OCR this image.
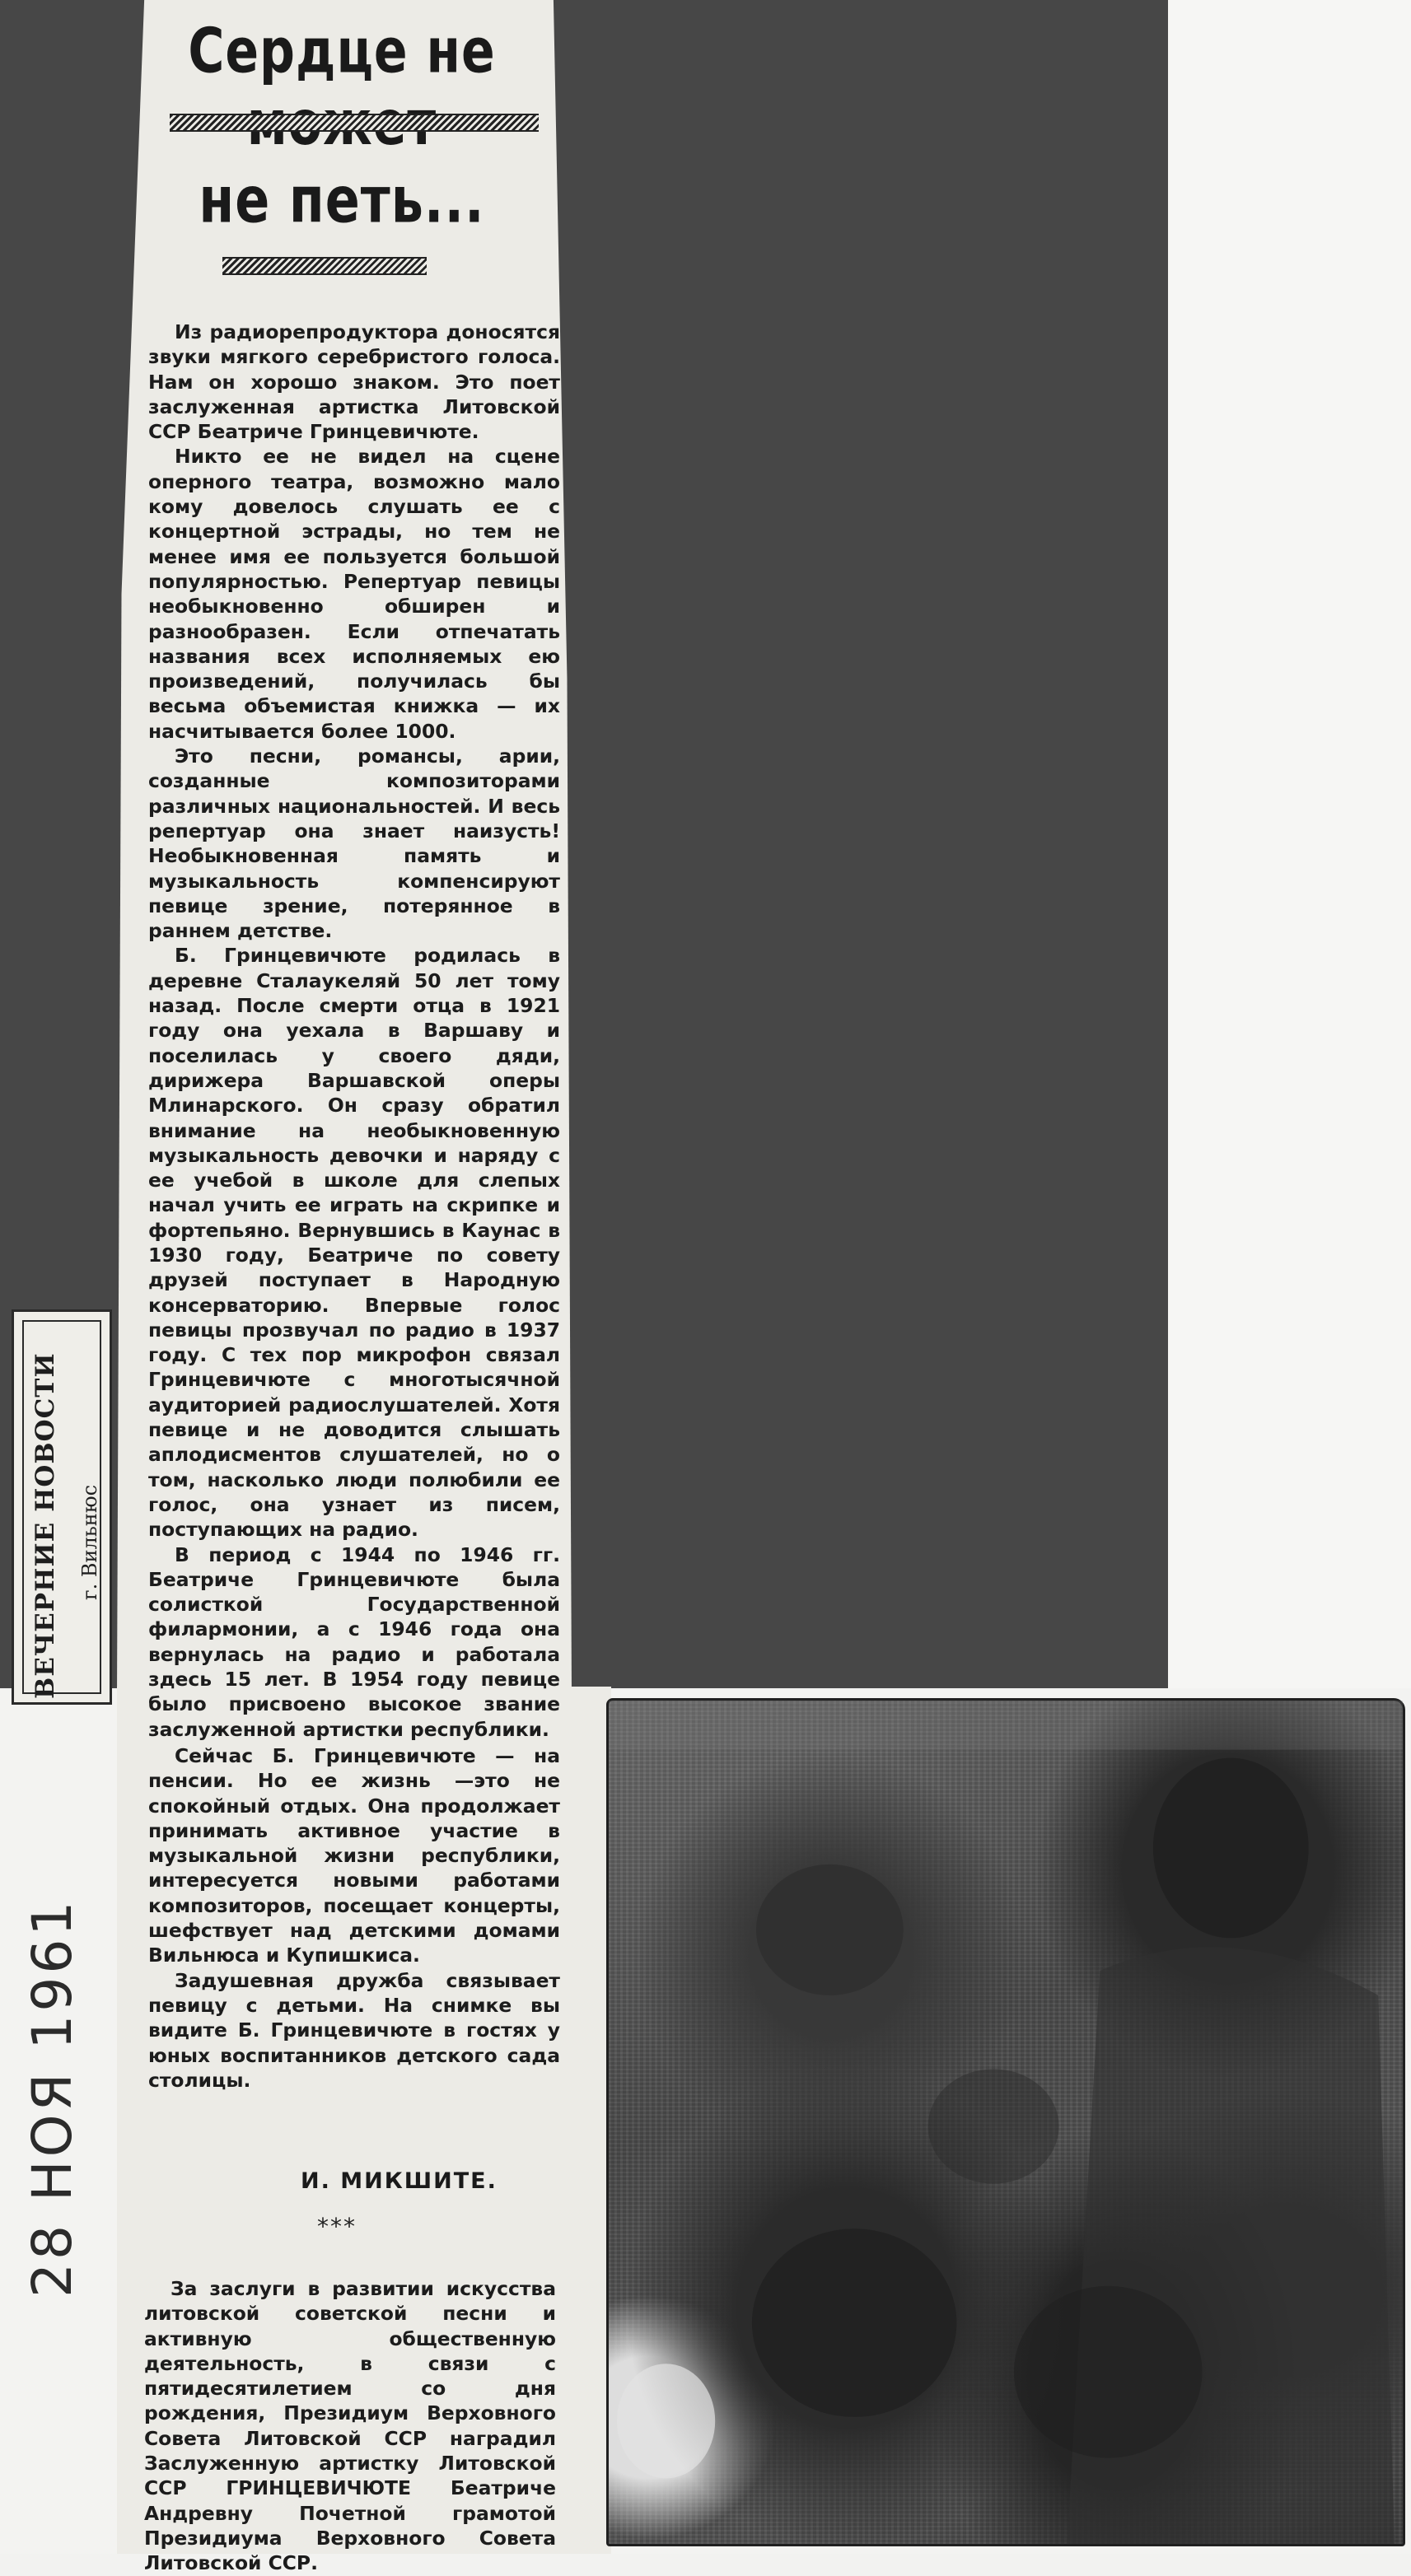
Сердце не
не петь...

Из радиорепродуктора доносятся звуки мягкого серебристого голоса. Нам он хорошо знаком. Это поет заслуженная артистка Литовской ССР Беатриче Гринцевичюте.

Никто ее не видел на сцене оперного театра, возможно мало кому довелось слушать ее с концертной эстрады, но тем не менее имя ее пользуется большой популярностью. Репертуар певицы необыкновенно обширен и разнообразен. Если отпечатать названия всех исполняемых ею произведений, получилась бы весьма объемистая книжка — их насчитывается более 1000.

Это песни, романсы, арии, созданные композиторами различных национальностей. И весь репертуар она знает наизусть! Необыкновенная память и музыкальность компенсируют певице зрение, потерянное в раннем детстве.

Б. Гринцевичюте родилась в деревне Сталаукеляй 50 лет тому назад. После смерти отца в 1921 году она уехала в Варшаву и поселилась у своего дяди, дирижера Варшавской оперы Млинарского. Он сразу обратил внимание на необыкновенную музыкальность девочки и наряду с ее учебой в школе для слепых начал учить ее играть на скрипке и фортепьяно. Вернувшись в Каунас в 1930 году, Беатриче по совету друзей поступает в Народную консерваторию. Впервые голос певицы прозвучал по радио в 1937 году. С тех пор микрофон связал Гринцевичюте с многотысячной аудиторией радиослушателей. Хотя певице и не доводится слышать аплодисментов слушателей, но о том, насколько люди полюбили ее голос, она узнает из писем, поступающих на радио.

В период с 1944 по 1946 гг. Беатриче Гринцевичюте была солисткой Государственной филармонии, а с 1946 года она вернулась на радио и работала здесь 15 лет. В 1954 году певице было присвоено высокое звание заслуженной артистки республики.

Сейчас Б. Гринцевичюте — на пенсии. Но ее жизнь —это не спокойный отдых. Она продолжает принимать активное участие в музыкальной жизни республики, интересуется новыми работами композиторов, посещает концерты, шефствует над детскими домами Вильнюса и Купишкиса.

Задушевная дружба связывает певицу с детьми. На снимке вы видите Б. Гринцевичюте в гостях у юных воспитанников детского сада столицы.

И. МИКШИТЕ.
***

За заслуги в развитии искусства литовской советской песни и активную общественную деятельность, в связи с пятидесятилетием со дня рождения, Президиум Верховного Совета Литовской ССР наградил Заслуженную артистку Литовской ССР ГРИНЦЕВИЧЮТЕ Беатриче Андревну Почетной грамотой Президиума Верховного Совета Литовской ССР.

ВЕЧЕРНИЕ НОВОСТИ г. Вильнюс
28 НОЯ 1961
